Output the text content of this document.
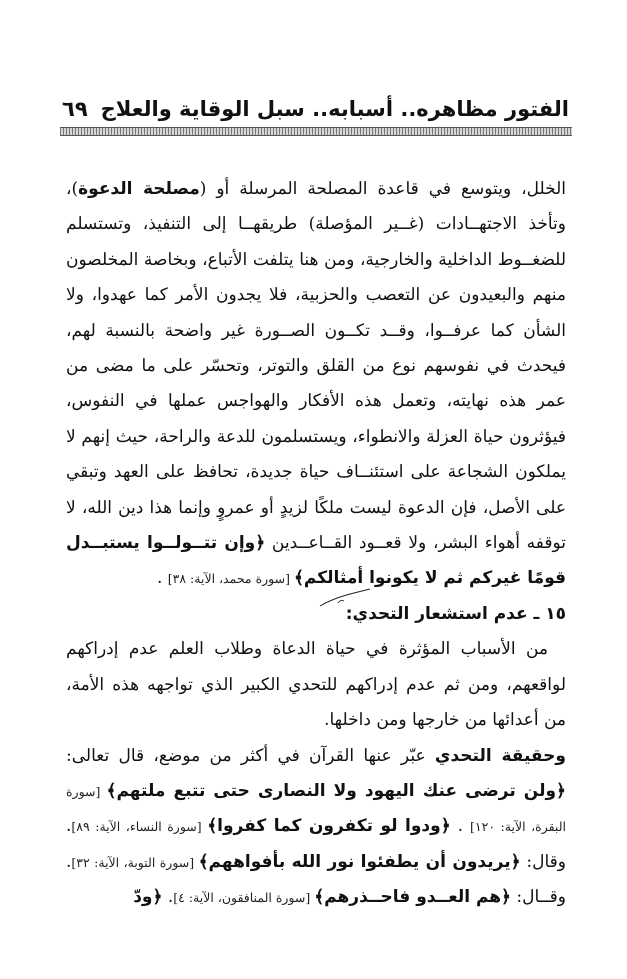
الفتور مظاهره.. أسبابه.. سبل الوقاية والعلاج
٦٩

الخلل، ويتوسع في قاعدة المصلحة المرسلة أو (مصلحة الدعوة)، وتأخذ الاجتهــادات (غــير المؤصلة) طريقهــا إلى التنفيذ، وتستسلم للضغــوط الداخلية والخارجية، ومن هنا يتلفت الأتباع، وبخاصة المخلصون منهم والبعيدون عن التعصب والحزبية، فلا يجدون الأمر كما عهدوا، ولا الشأن كما عرفــوا، وقــد تكــون الصــورة غير واضحة بالنسبة لهم، فيحدث في نفوسهم نوع من القلق والتوتر، وتحسّر على ما مضى من عمر هذه نهايته، وتعمل هذه الأفكار والهواجس عملها في النفوس، فيؤثرون حياة العزلة والانطواء، ويستسلمون للدعة والراحة، حيث إنهم لا يملكون الشجاعة على استئنــاف حياة جديدة، تحافظ على العهد وتبقي على الأصل، فإن الدعوة ليست ملكًا لزيدٍ أو عمروٍ وإنما هذا دين الله، لا توقفه أهواء البشر، ولا قعــود القــاعــدين ﴿وإن تتــولــوا يستبــدل قومًا غيركم ثم لا يكونوا أمثالكم﴾ [سورة محمد، الآية: ٣٨] .

١٥ ـ عدم استشعار التحدي:

من الأسباب المؤثرة في حياة الدعاة وطلاب العلم عدم إدراكهم لواقعهم، ومن ثم عدم إدراكهم للتحدي الكبير الذي تواجهه هذه الأمة، من أعدائها من خارجها ومن داخلها.

وحقيقة التحدي عبّر عنها القرآن في أكثر من موضع، قال تعالى: ﴿ولن ترضى عنك اليهود ولا النصارى حتى تتبع ملتهم﴾ [سورة البقرة، الآية: ١٢٠] . ﴿ودوا لو تكفرون كما كفروا﴾ [سورة النساء، الآية: ٨٩]. وقال: ﴿يريدون أن يطفئوا نور الله بأفواههم﴾ [سورة التوبة، الآية: ٣٢]. وقــال: ﴿هم العــدو فاحــذرهم﴾ [سورة المنافقون، الآية: ٤]. ﴿ودّ
